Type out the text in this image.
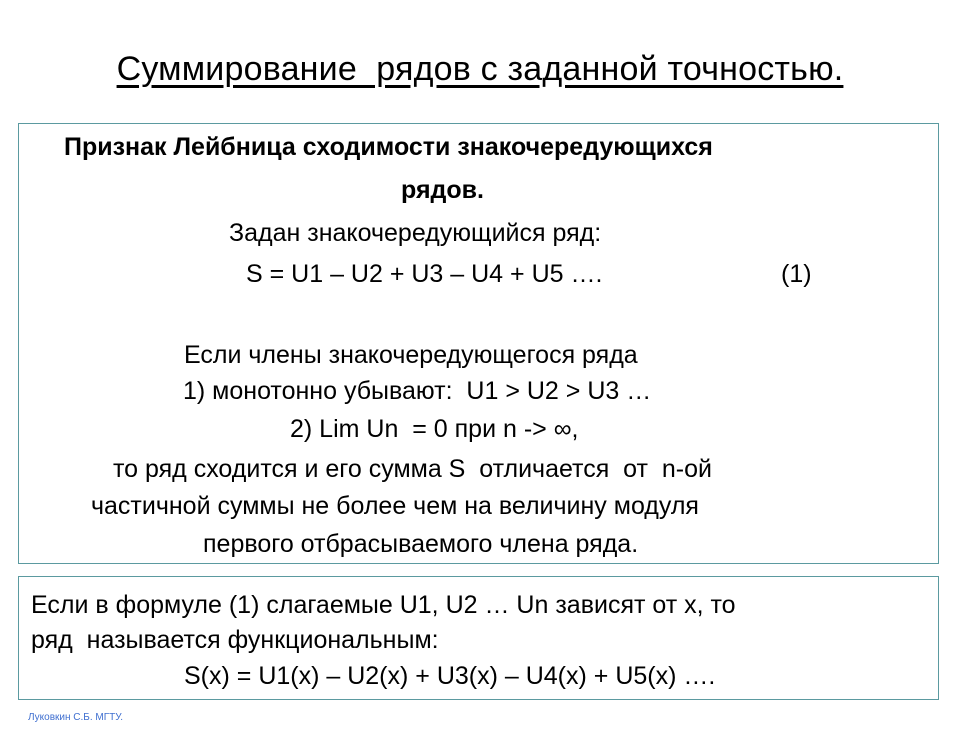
Суммирование  рядов с заданной точностью.
Признак Лейбница сходимости знакочередующихся
рядов.
Задан знакочередующийся ряд:
S = U1 – U2 + U3 – U4 + U5 ….	(1)
Если члены знакочередующегося ряда
1) монотонно убывают:  U1 > U2 > U3 …
2) Lim Un  = 0 при n -> ∞,
то ряд сходится и его сумма S  отличается  от  n-ой
частичной суммы не более чем на величину модуля
первого отбрасываемого члена ряда.
Если в формуле (1) слагаемые U1, U2 … Un зависят от x, то
ряд  называется функциональным:
S(x) = U1(x) – U2(x) + U3(x) – U4(x) + U5(x) ….
Луковкин С.Б. МГТУ.
